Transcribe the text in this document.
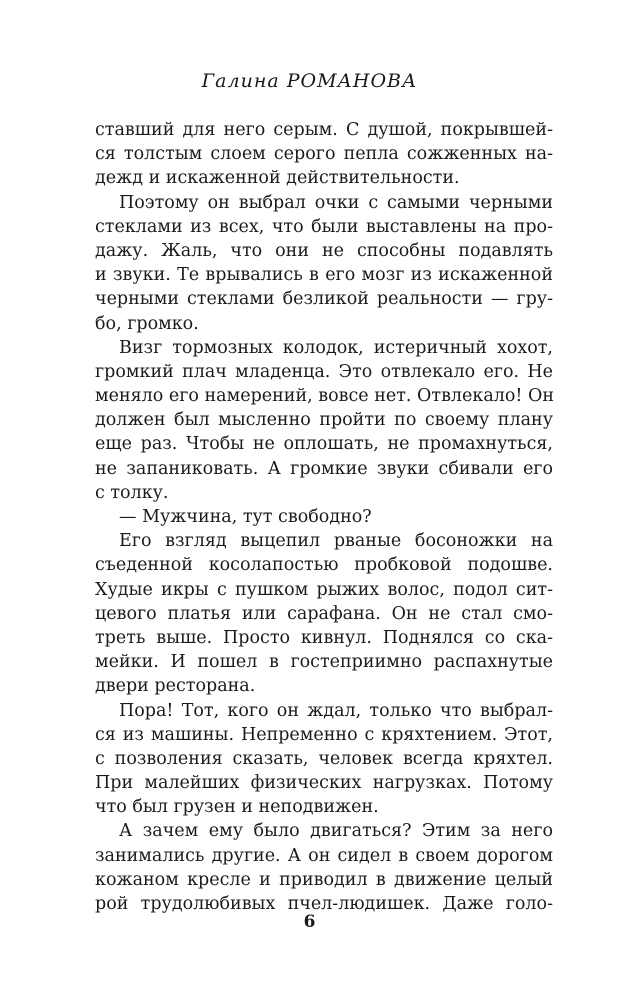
Галина РОМАНОВА
ставший для него серым. С душой, покрывшей-
ся толстым слоем серого пепла сожженных на-
дежд и искаженной действительности.
Поэтому он выбрал очки с самыми черными
стеклами из всех, что были выставлены на про-
дажу. Жаль, что они не способны подавлять
и звуки. Те врывались в его мозг из искаженной
черными стеклами безликой реальности — гру-
бо, громко.
Визг тормозных колодок, истеричный хохот,
громкий плач младенца. Это отвлекало его. Не
меняло его намерений, вовсе нет. Отвлекало! Он
должен был мысленно пройти по своему плану
еще раз. Чтобы не оплошать, не промахнуться,
не запаниковать. А громкие звуки сбивали его
с толку.
— Мужчина, тут свободно?
Его взгляд выцепил рваные босоножки на
съеденной косолапостью пробковой подошве.
Худые икры с пушком рыжих волос, подол сит-
цевого платья или сарафана. Он не стал смо-
треть выше. Просто кивнул. Поднялся со ска-
мейки. И пошел в гостеприимно распахнутые
двери ресторана.
Пора! Тот, кого он ждал, только что выбрал-
ся из машины. Непременно с кряхтением. Этот,
с позволения сказать, человек всегда кряхтел.
При малейших физических нагрузках. Потому
что был грузен и неподвижен.
А зачем ему было двигаться? Этим за него
занимались другие. А он сидел в своем дорогом
кожаном кресле и приводил в движение целый
рой трудолюбивых пчел-людишек. Даже голо-
6
